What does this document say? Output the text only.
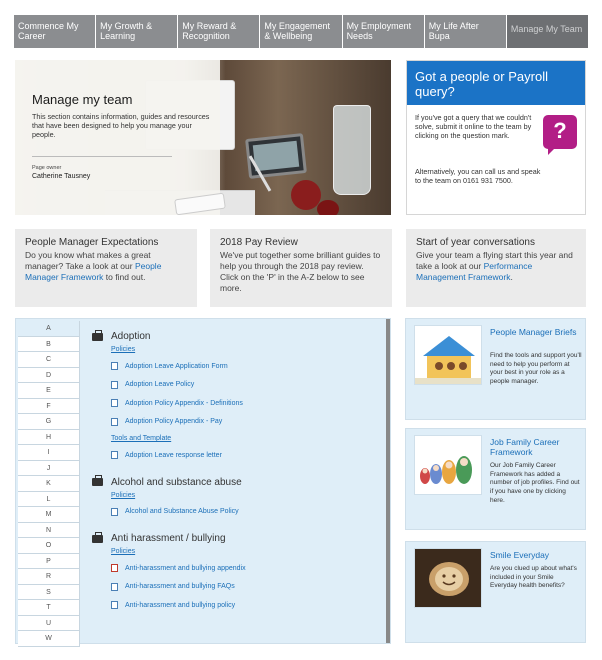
Commence My Career
My Growth & Learning
My Reward & Recognition
My Engagement & Wellbeing
My Employment Needs
My Life After Bupa
Manage My Team
Manage my team
This section contains information, guides and resources that have been designed to help you manage your people.
Page owner
Catherine Tausney
Got a people or Payroll query?
If you've got a query that we couldn't solve, submit it online to the team by clicking on the question mark.	?
Alternatively, you can call us and speak to the team on 0161 931 7500.
People Manager Expectations
Do you know what makes a great manager? Take a look at our People Manager Framework to find out.
2018 Pay Review
We've put together some brilliant guides to help you through the 2018 pay review. Click on the 'P' in the A-Z below to see more.
Start of year conversations
Give your team a flying start this year and take a look at our Performance Management Framework.
A
B
C
D
E
F
G
H
I
J
K
L
M
N
O
P
R
S
T
U
W
Adoption
Policies
Adoption Leave Application Form
Adoption Leave Policy
Adoption Policy Appendix - Definitions
Adoption Policy Appendix - Pay
Tools and Template
Adoption Leave response letter
Alcohol and substance abuse
Policies
Alcohol and Substance Abuse Policy
Anti harassment / bullying
Policies
Anti-harassment and bullying appendix
Anti-harassment and bullying FAQs
Anti-harassment and bullying policy
People Manager Briefs
Find the tools and support you'll need to help you perform at your best in your role as a people manager.
Job Family Career Framework
Our Job Family Career Framework has added a number of job profiles. Find out if you have one by clicking here.
Smile Everyday
Are you clued up about what's included in your Smile Everyday health benefits?
